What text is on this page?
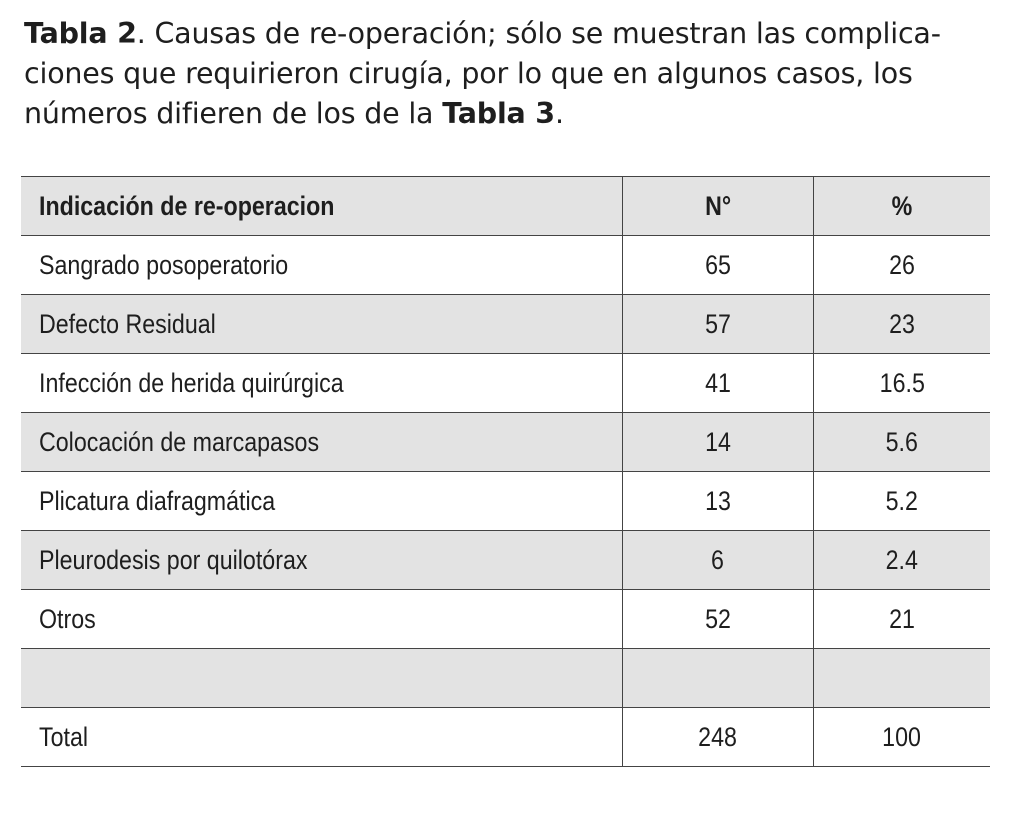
Tabla 2. Causas de re-operación; sólo se muestran las complica-
ciones que requirieron cirugía, por lo que en algunos casos, los
números difieren de los de la Tabla 3.
Indicación de re-operacion	N°	%
Sangrado posoperatorio	65	26
Defecto Residual	57	23
Infección de herida quirúrgica	41	16.5
Colocación de marcapasos	14	5.6
Plicatura diafragmática	13	5.2
Pleurodesis por quilotórax	6	2.4
Otros	52	21

Total	248	100
